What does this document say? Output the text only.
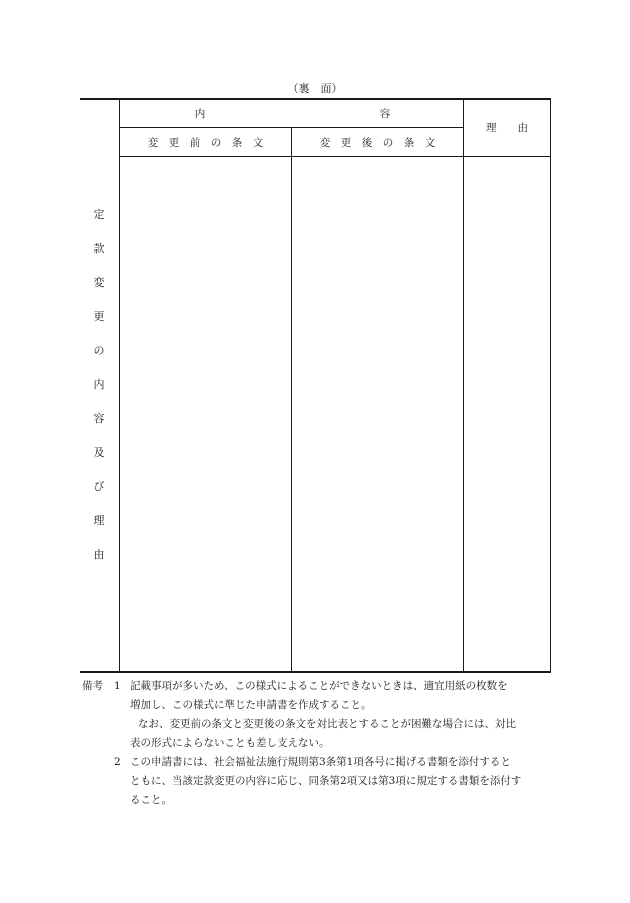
（裏　面）
内	容
理　　由
変　更　前　の　条　文	変　更　後　の　条　文
定
款
変
更
の
内
容
及
び
理
由
備考 1 記載事項が多いため、この様式によることができないときは、適宜用紙の枚数を
増加し、この様式に準じた申請書を作成すること。
なお、変更前の条文と変更後の条文を対比表とすることが困難な場合には、対比
表の形式によらないことも差し支えない。
2 この申請書には、社会福祉法施行規則第3条第1項各号に掲げる書類を添付すると
ともに、当該定款変更の内容に応じ、同条第2項又は第3項に規定する書類を添付す
ること。
